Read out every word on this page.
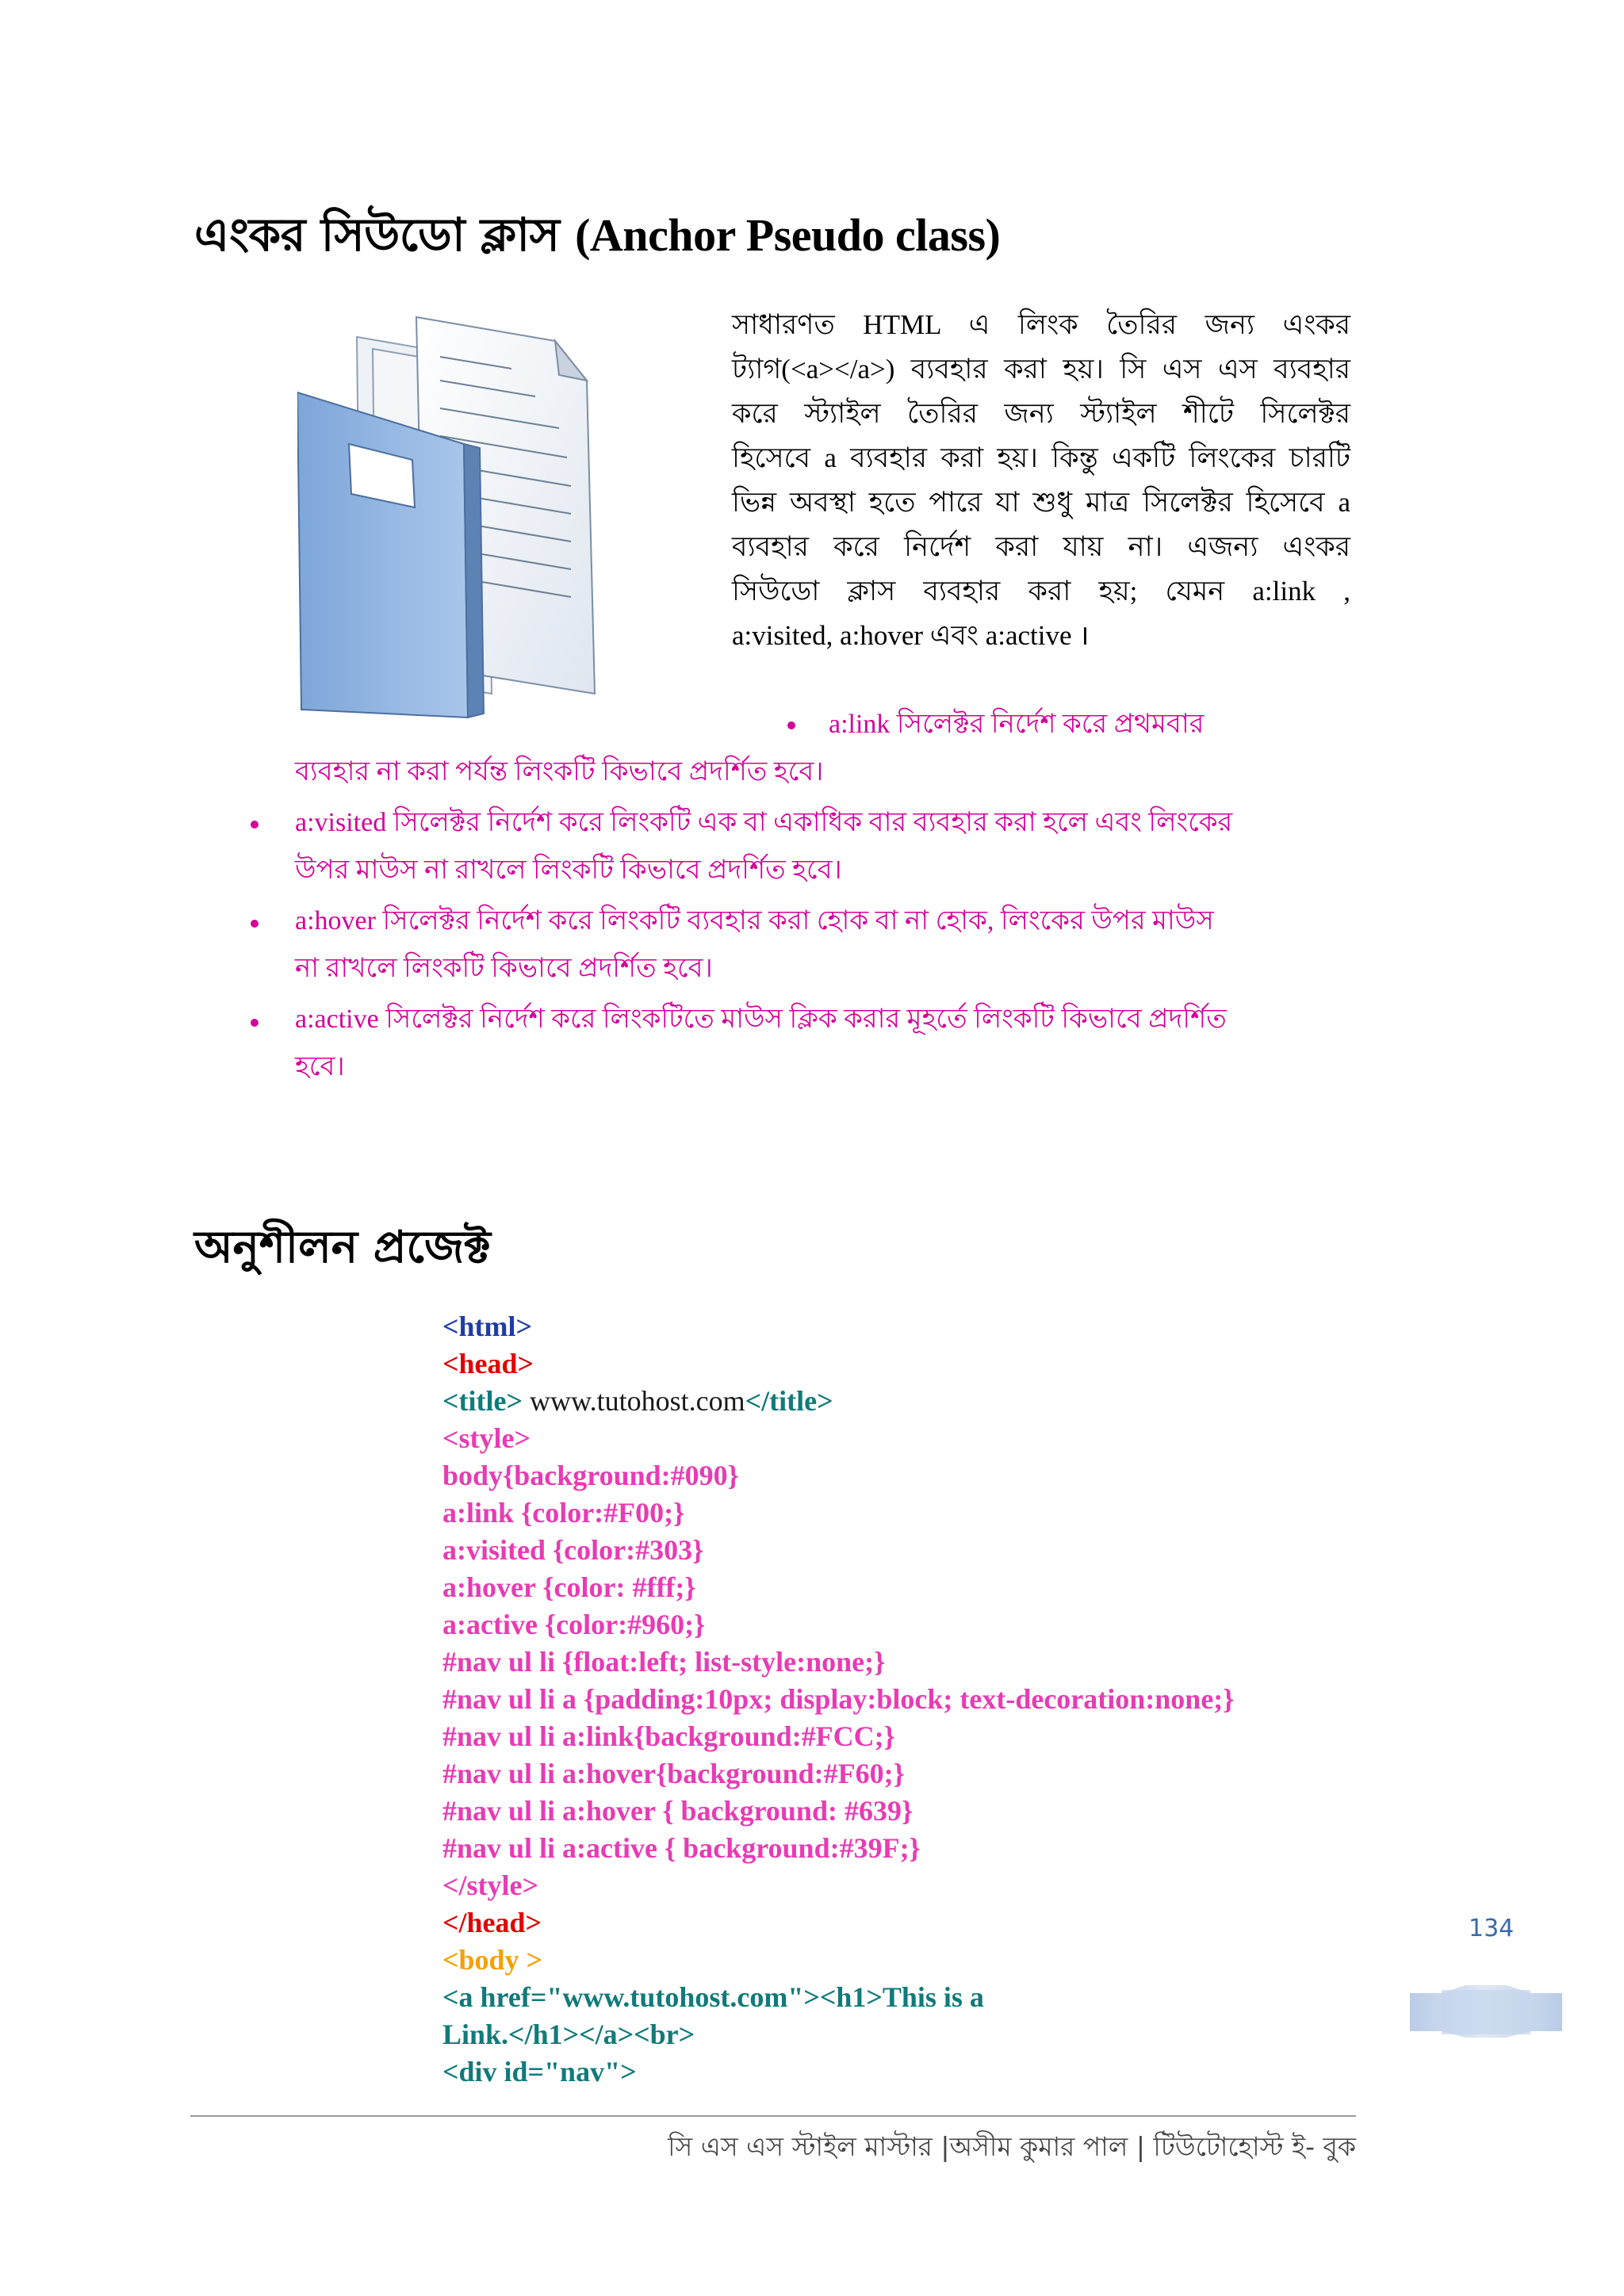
এংকর সিউডো ক্লাস (Anchor Pseudo class)
সাধারণত HTML এ লিংক তৈরির জন্য এংকর
ট্যাগ(<a></a>) ব্যবহার করা হয়। সি এস এস ব্যবহার
করে স্ট্যাইল তৈরির জন্য স্ট্যাইল শীটে সিলেক্টর
হিসেবে a ব্যবহার করা হয়। কিন্তু একটি লিংকের চারটি
ভিন্ন অবস্থা হতে পারে যা শুধু মাত্র সিলেক্টর হিসেবে a
ব্যবহার করে নির্দেশ করা যায় না। এজন্য এংকর
সিউডো ক্লাস ব্যবহার করা হয়; যেমন a:link ,
a:visited, a:hover এবং a:active ।
a:link সিলেক্টর নির্দেশ করে প্রথমবার
ব্যবহার না করা পর্যন্ত লিংকটি কিভাবে প্রদর্শিত হবে।
a:visited সিলেক্টর নির্দেশ করে লিংকটি এক বা একাধিক বার ব্যবহার করা হলে এবং লিংকের
উপর মাউস না রাখলে লিংকটি কিভাবে প্রদর্শিত হবে।
a:hover সিলেক্টর নির্দেশ করে লিংকটি ব্যবহার করা হোক বা না হোক, লিংকের উপর মাউস
না রাখলে লিংকটি কিভাবে প্রদর্শিত হবে।
a:active সিলেক্টর নির্দেশ করে লিংকটিতে মাউস ক্লিক করার মূহর্তে লিংকটি কিভাবে প্রদর্শিত
হবে।
অনুশীলন প্রজেক্ট
<html>
<head>
<title> www.tutohost.com</title>
<style>
body{background:#090}
a:link {color:#F00;}
a:visited {color:#303}
a:hover {color: #fff;}
a:active {color:#960;}
#nav ul li {float:left; list-style:none;}
#nav ul li a {padding:10px; display:block; text-decoration:none;}
#nav ul li a:link{background:#FCC;}
#nav ul li a:hover{background:#F60;}
#nav ul li a:hover { background: #639}
#nav ul li a:active { background:#39F;}
</style>
</head>
<body >
<a href="www.tutohost.com"><h1>This is a
Link.</h1></a><br>
<div id="nav">
134
সি এস এস স্টাইল মাস্টার |অসীম কুমার পাল | টিউটোহোস্ট ই- বুক
